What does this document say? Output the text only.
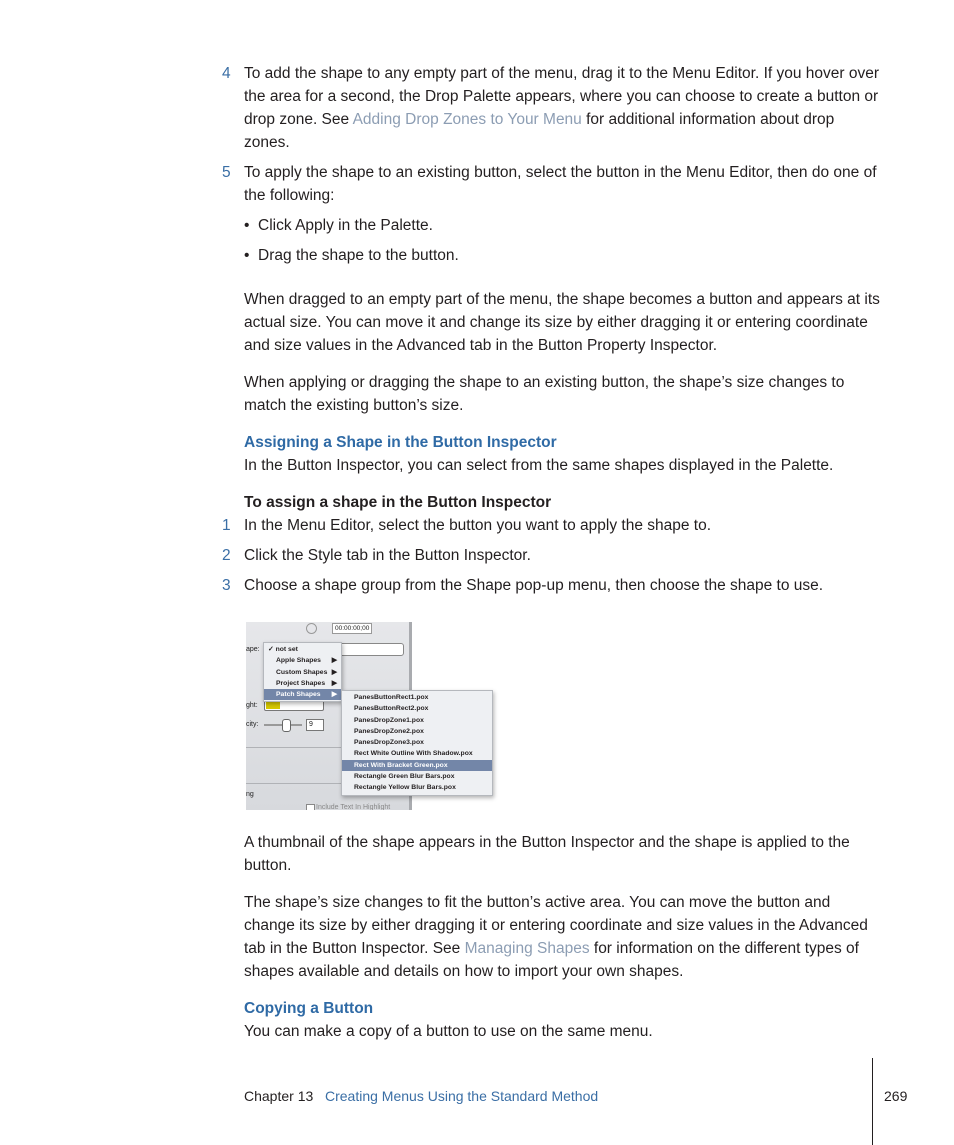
4 To add the shape to any empty part of the menu, drag it to the Menu Editor. If you hover over the area for a second, the Drop Palette appears, where you can choose to create a button or drop zone. See Adding Drop Zones to Your Menu for additional information about drop zones.
5 To apply the shape to an existing button, select the button in the Menu Editor, then do one of the following:
•  Click Apply in the Palette.
•  Drag the shape to the button.
When dragged to an empty part of the menu, the shape becomes a button and appears at its actual size. You can move it and change its size by either dragging it or entering coordinate and size values in the Advanced tab in the Button Property Inspector.
When applying or dragging the shape to an existing button, the shape’s size changes to match the existing button’s size.
Assigning a Shape in the Button Inspector
In the Button Inspector, you can select from the same shapes displayed in the Palette.
To assign a shape in the Button Inspector
1 In the Menu Editor, select the button you want to apply the shape to.
2 Click the Style tab in the Button Inspector.
3 Choose a shape group from the Shape pop-up menu, then choose the shape to use.
00:00:00;00
ape:
ght:
city:	9
ng
Include Text In Highlight
✓ not set
Apple Shapes ▶
Custom Shapes ▶
Project Shapes ▶
Patch Shapes ▶	PanesButtonRect1.pox
PanesButtonRect2.pox
PanesDropZone1.pox
PanesDropZone2.pox
PanesDropZone3.pox
Rect White Outline With Shadow.pox
Rect With Bracket Green.pox
Rectangle Green Blur Bars.pox
Rectangle Yellow Blur Bars.pox
A thumbnail of the shape appears in the Button Inspector and the shape is applied to the button.
The shape’s size changes to fit the button’s active area. You can move the button and change its size by either dragging it or entering coordinate and size values in the Advanced tab in the Button Inspector. See Managing Shapes for information on the different types of shapes available and details on how to import your own shapes.
Copying a Button
You can make a copy of a button to use on the same menu.
Chapter 13 Creating Menus Using the Standard Method	269
